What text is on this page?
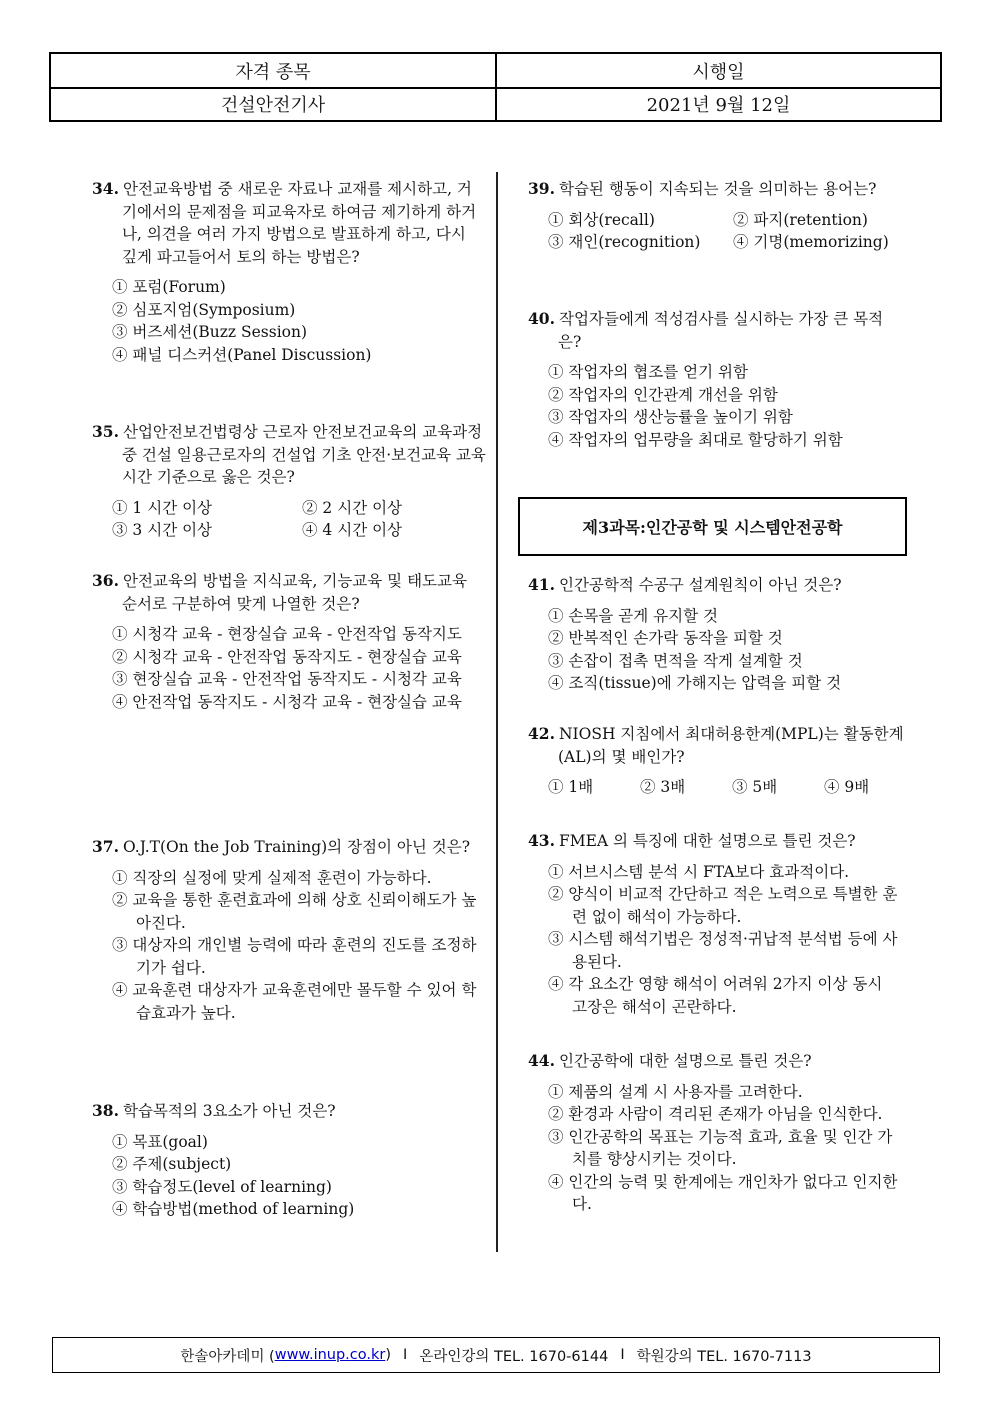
자격 종목	시행일
건설안전기사	2021년 9월 12일
34. 안전교육방법 중 새로운 자료나 교재를 제시하고, 거기에서의 문제점을 피교육자로 하여금 제기하게 하거나, 의견을 여러 가지 방법으로 발표하게 하고, 다시 깊게 파고들어서 토의 하는 방법은?
① 포럼(Forum)
② 심포지엄(Symposium)
③ 버즈세션(Buzz Session)
④ 패널 디스커션(Panel Discussion)
35. 산업안전보건법령상 근로자 안전보건교육의 교육과정 중 건설 일용근로자의 건설업 기초 안전·보건교육 교육시간 기준으로 옳은 것은?
① 1 시간 이상	② 2 시간 이상
③ 3 시간 이상	④ 4 시간 이상
36. 안전교육의 방법을 지식교육, 기능교육 및 태도교육 순서로 구분하여 맞게 나열한 것은?
① 시청각 교육 - 현장실습 교육 - 안전작업 동작지도
② 시청각 교육 - 안전작업 동작지도 - 현장실습 교육
③ 현장실습 교육 - 안전작업 동작지도 - 시청각 교육
④ 안전작업 동작지도 - 시청각 교육 - 현장실습 교육
37. O.J.T(On the Job Training)의 장점이 아닌 것은?
① 직장의 실정에 맞게 실제적 훈련이 가능하다.
② 교육을 통한 훈련효과에 의해 상호 신뢰이해도가 높아진다.
③ 대상자의 개인별 능력에 따라 훈련의 진도를 조정하기가 쉽다.
④ 교육훈련 대상자가 교육훈련에만 몰두할 수 있어 학습효과가 높다.
38. 학습목적의 3요소가 아닌 것은?
① 목표(goal)
② 주제(subject)
③ 학습정도(level of learning)
④ 학습방법(method of learning)
39. 학습된 행동이 지속되는 것을 의미하는 용어는?
① 회상(recall)	② 파지(retention)
③ 재인(recognition)	④ 기명(memorizing)
40. 작업자들에게 적성검사를 실시하는 가장 큰 목적은?
① 작업자의 협조를 얻기 위함
② 작업자의 인간관계 개선을 위함
③ 작업자의 생산능률을 높이기 위함
④ 작업자의 업무량을 최대로 할당하기 위함
41. 인간공학적 수공구 설계원칙이 아닌 것은?
① 손목을 곧게 유지할 것
② 반복적인 손가락 동작을 피할 것
③ 손잡이 접촉 면적을 작게 설계할 것
④ 조직(tissue)에 가해지는 압력을 피할 것
42. NIOSH 지침에서 최대허용한계(MPL)는 활동한계(AL)의 몇 배인가?
① 1배	② 3배	③ 5배	④ 9배
43. FMEA 의 특징에 대한 설명으로 틀린 것은?
① 서브시스템 분석 시 FTA보다 효과적이다.
② 양식이 비교적 간단하고 적은 노력으로 특별한 훈련 없이 해석이 가능하다.
③ 시스템 해석기법은 정성적·귀납적 분석법 등에 사용된다.
④ 각 요소간 영향 해석이 어려워 2가지 이상 동시 고장은 해석이 곤란하다.
44. 인간공학에 대한 설명으로 틀린 것은?
① 제품의 설계 시 사용자를 고려한다.
② 환경과 사람이 격리된 존재가 아님을 인식한다.
③ 인간공학의 목표는 기능적 효과, 효율 및 인간 가치를 향상시키는 것이다.
④ 인간의 능력 및 한계에는 개인차가 없다고 인지한다.
제3과목:인간공학 및 시스템안전공학
한솔아카데미 ( www.inup.co.kr ) I 온라인강의 TEL. 1670-6144 I 학원강의 TEL. 1670-7113
